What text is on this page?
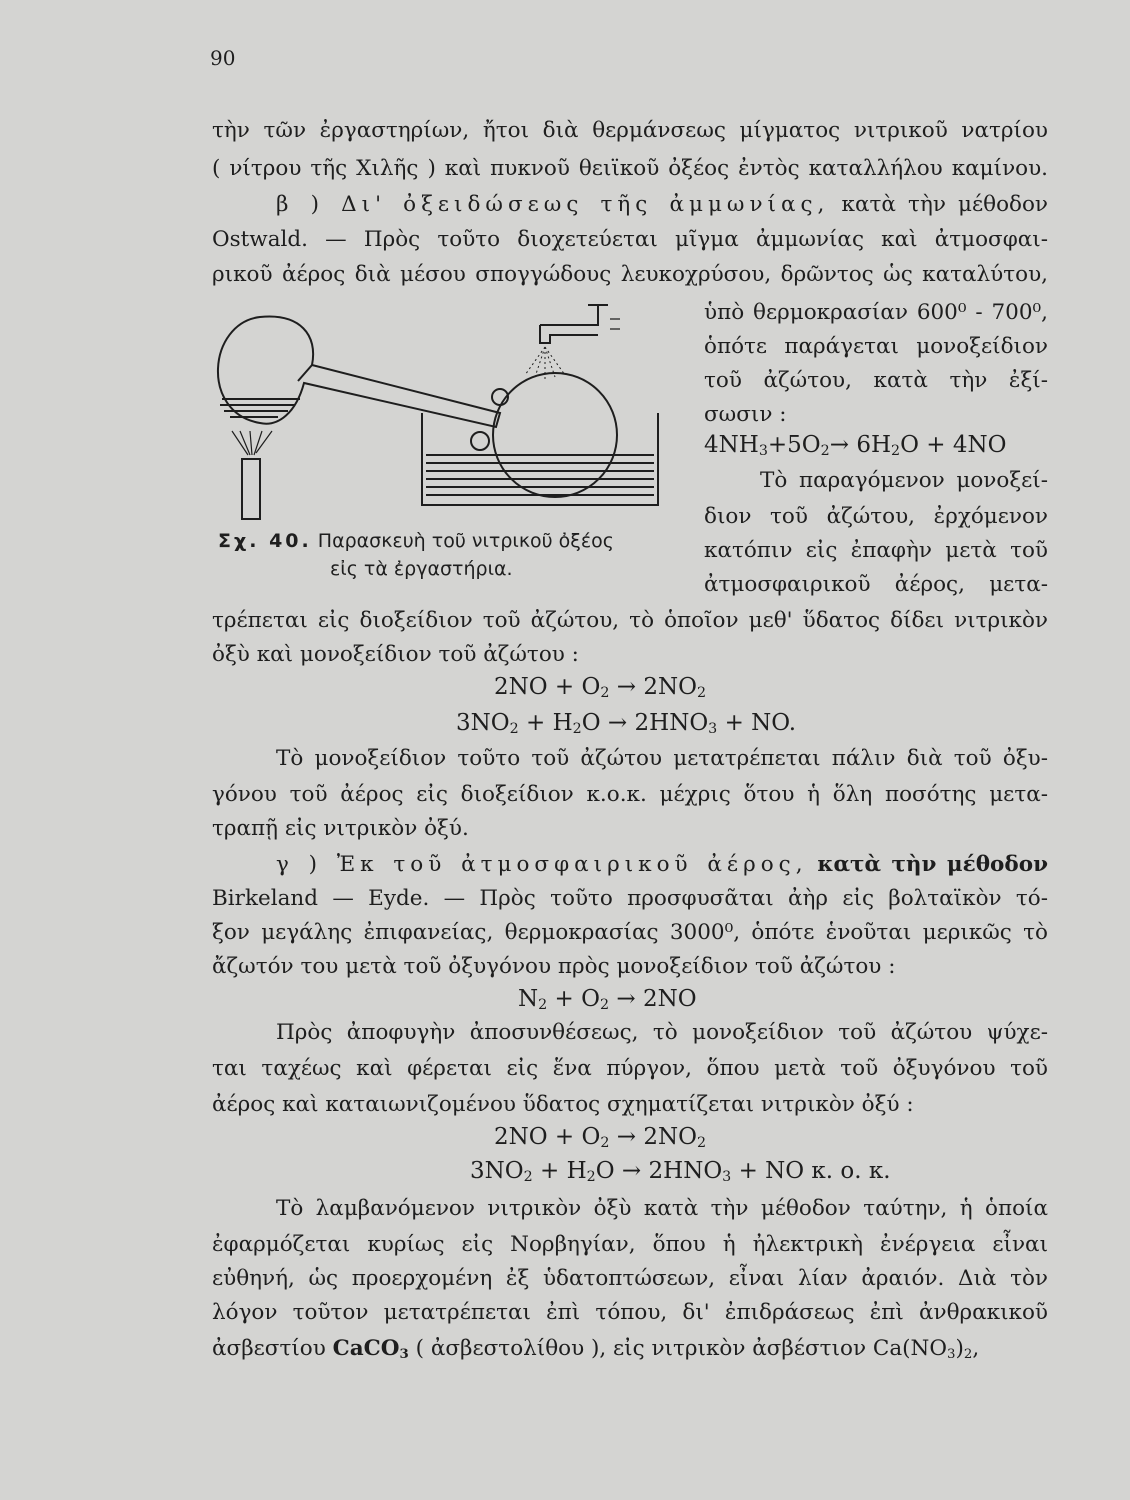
90
τὴν τῶν ἐργαστηρίων, ἤτοι διὰ θερμάνσεως μίγματος νιτρικοῦ νατρίου
( νίτρου τῆς Χιλῆς ) καὶ πυκνοῦ θειϊκοῦ ὀξέος ἐντὸς καταλλήλου καμίνου.
β ) Δι' ὀξειδώσεως τῆς ἀμμωνίας, κατὰ τὴν μέθοδον
Ostwald. — Πρὸς τοῦτο διοχετεύεται μῖγμα ἀμμωνίας καὶ ἀτμοσφαι-
ρικοῦ ἀέρος διὰ μέσου σπογγώδους λευκοχρύσου, δρῶντος ὡς καταλύτου,
Σχ. 40. Παρασκευὴ τοῦ νιτρικοῦ ὀξέος
εἰς τὰ ἐργαστήρια.
ὑπὸ θερμοκρασίαν 600⁰ - 700⁰,
ὁπότε παράγεται μονοξείδιον
τοῦ ἀζώτου, κατὰ τὴν ἐξί-
σωσιν :
$4NH_3+5O_2\to 6H_2O + 4NO$
Τὸ παραγόμενον μονοξεί-
διον τοῦ ἀζώτου, ἐρχόμενον
κατόπιν εἰς ἐπαφὴν μετὰ τοῦ
ἀτμοσφαιρικοῦ ἀέρος, μετα-
τρέπεται εἰς διοξείδιον τοῦ ἀζώτου, τὸ ὁποῖον μεθ' ὕδατος δίδει νιτρικὸν
ὀξὺ καὶ μονοξείδιον τοῦ ἀζώτου :
$2NO + O_2 \to 2NO_2$
$3NO_2 + H_2O \to 2HNO_3$ + NO.
Τὸ μονοξείδιον τοῦτο τοῦ ἀζώτου μετατρέπεται πάλιν διὰ τοῦ ὀξυ-
γόνου τοῦ ἀέρος εἰς διοξείδιον κ.ο.κ. μέχρις ὅτου ἡ ὅλη ποσότης μετα-
τραπῇ εἰς νιτρικὸν ὀξύ.
γ ) Ἐκ τοῦ ἀτμοσφαιρικοῦ ἀέρος, κατὰ τὴν μέθοδον
Birkeland — Eyde. — Πρὸς τοῦτο προσφυσᾶται ἀὴρ εἰς βολταϊκὸν τό-
ξον μεγάλης ἐπιφανείας, θερμοκρασίας 3000⁰, ὁπότε ἑνοῦται μερικῶς τὸ
ἄζωτόν του μετὰ τοῦ ὀξυγόνου πρὸς μονοξείδιον τοῦ ἀζώτου :
$N_2 + O_2 \to 2NO$
Πρὸς ἀποφυγὴν ἀποσυνθέσεως, τὸ μονοξείδιον τοῦ ἀζώτου ψύχε-
ται ταχέως καὶ φέρεται εἰς ἕνα πύργον, ὅπου μετὰ τοῦ ὀξυγόνου τοῦ
ἀέρος καὶ καταιωνιζομένου ὕδατος σχηματίζεται νιτρικὸν ὀξύ :
$2NO + O_2 \to 2NO_2$
$3NO_2 + H_2O \to 2HNO_3$ + NO κ. ο. κ.
Τὸ λαμβανόμενον νιτρικὸν ὀξὺ κατὰ τὴν μέθοδον ταύτην, ἡ ὁποία
ἐφαρμόζεται κυρίως εἰς Νορβηγίαν, ὅπου ἡ ἠλεκτρικὴ ἐνέργεια εἶναι
εὐθηνή, ὡς προερχομένη ἐξ ὑδατοπτώσεων, εἶναι λίαν ἀραιόν. Διὰ τὸν
λόγον τοῦτον μετατρέπεται ἐπὶ τόπου, δι' ἐπιδράσεως ἐπὶ ἀνθρακικοῦ
ἀσβεστίου CaCO$_3$ ( ἀσβεστολίθου ), εἰς νιτρικὸν ἀσβέστιον $Ca(NO_3)_2$,
